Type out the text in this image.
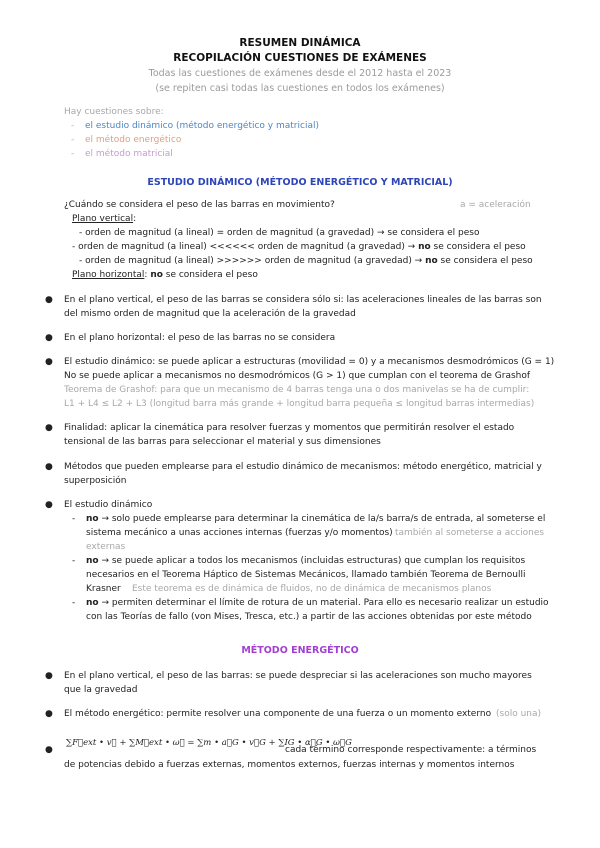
RESUMEN DINÁMICA
RECOPILACIÓN CUESTIONES DE EXÁMENES
Todas las cuestiones de exámenes desde el 2012 hasta el 2023
(se repiten casi todas las cuestiones en todos los exámenes)
Hay cuestiones sobre:
- el estudio dinámico (método energético y matricial)
- el método energético
- el método matricial
ESTUDIO DINÁMICO (MÉTODO ENERGÉTICO Y MATRICIAL)
¿Cuándo se considera el peso de las barras en movimiento?	a = aceleración
Plano vertical:
- orden de magnitud (a lineal) = orden de magnitud (a gravedad) → se considera el peso
- orden de magnitud (a lineal) <<<<<< orden de magnitud (a gravedad) → no se considera el peso
- orden de magnitud (a lineal) >>>>>> orden de magnitud (a gravedad) → no se considera el peso
Plano horizontal: no se considera el peso
● En el plano vertical, el peso de las barras se considera sólo si: las aceleraciones lineales de las barras son
del mismo orden de magnitud que la aceleración de la gravedad
● En el plano horizontal: el peso de las barras no se considera
● El estudio dinámico: se puede aplicar a estructuras (movilidad = 0) y a mecanismos desmodrómicos (G = 1)
No se puede aplicar a mecanismos no desmodrómicos (G > 1) que cumplan con el teorema de Grashof
Teorema de Grashof: para que un mecanismo de 4 barras tenga una o dos manivelas se ha de cumplir:
L1 + L4 ≤ L2 + L3 (longitud barra más grande + longitud barra pequeña ≤ longitud barras intermedias)
● Finalidad: aplicar la cinemática para resolver fuerzas y momentos que permitirán resolver el estado
tensional de las barras para seleccionar el material y sus dimensiones
● Métodos que pueden emplearse para el estudio dinámico de mecanismos: método energético, matricial y
superposición
● El estudio dinámico
- no → solo puede emplearse para determinar la cinemática de la/s barra/s de entrada, al someterse el
sistema mecánico a unas acciones internas (fuerzas y/o momentos) también al someterse a acciones
externas
- no → se puede aplicar a todos los mecanismos (incluidas estructuras) que cumplan los requisitos
necesarios en el Teorema Háptico de Sistemas Mecánicos, llamado también Teorema de Bernoulli
Krasner Este teorema es de dinámica de fluidos, no de dinámica de mecanismos planos
- no → permiten determinar el límite de rotura de un material. Para ello es necesario realizar un estudio
con las Teorías de fallo (von Mises, Tresca, etc.) a partir de las acciones obtenidas por este método
MÉTODO ENERGÉTICO
● En el plano vertical, el peso de las barras: se puede despreciar si las aceleraciones son mucho mayores
que la gravedad
● El método energético: permite resolver una componente de una fuerza o un momento externo (solo una)
●
∑F⃗ext • v⃗ + ∑M⃗ext • ω⃗ = ∑m • a⃗G • v⃗G + ∑IG • α⃗G • ω⃗G
cada término corresponde respectivamente: a términos
de potencias debido a fuerzas externas, momentos externos, fuerzas internas y momentos internos
